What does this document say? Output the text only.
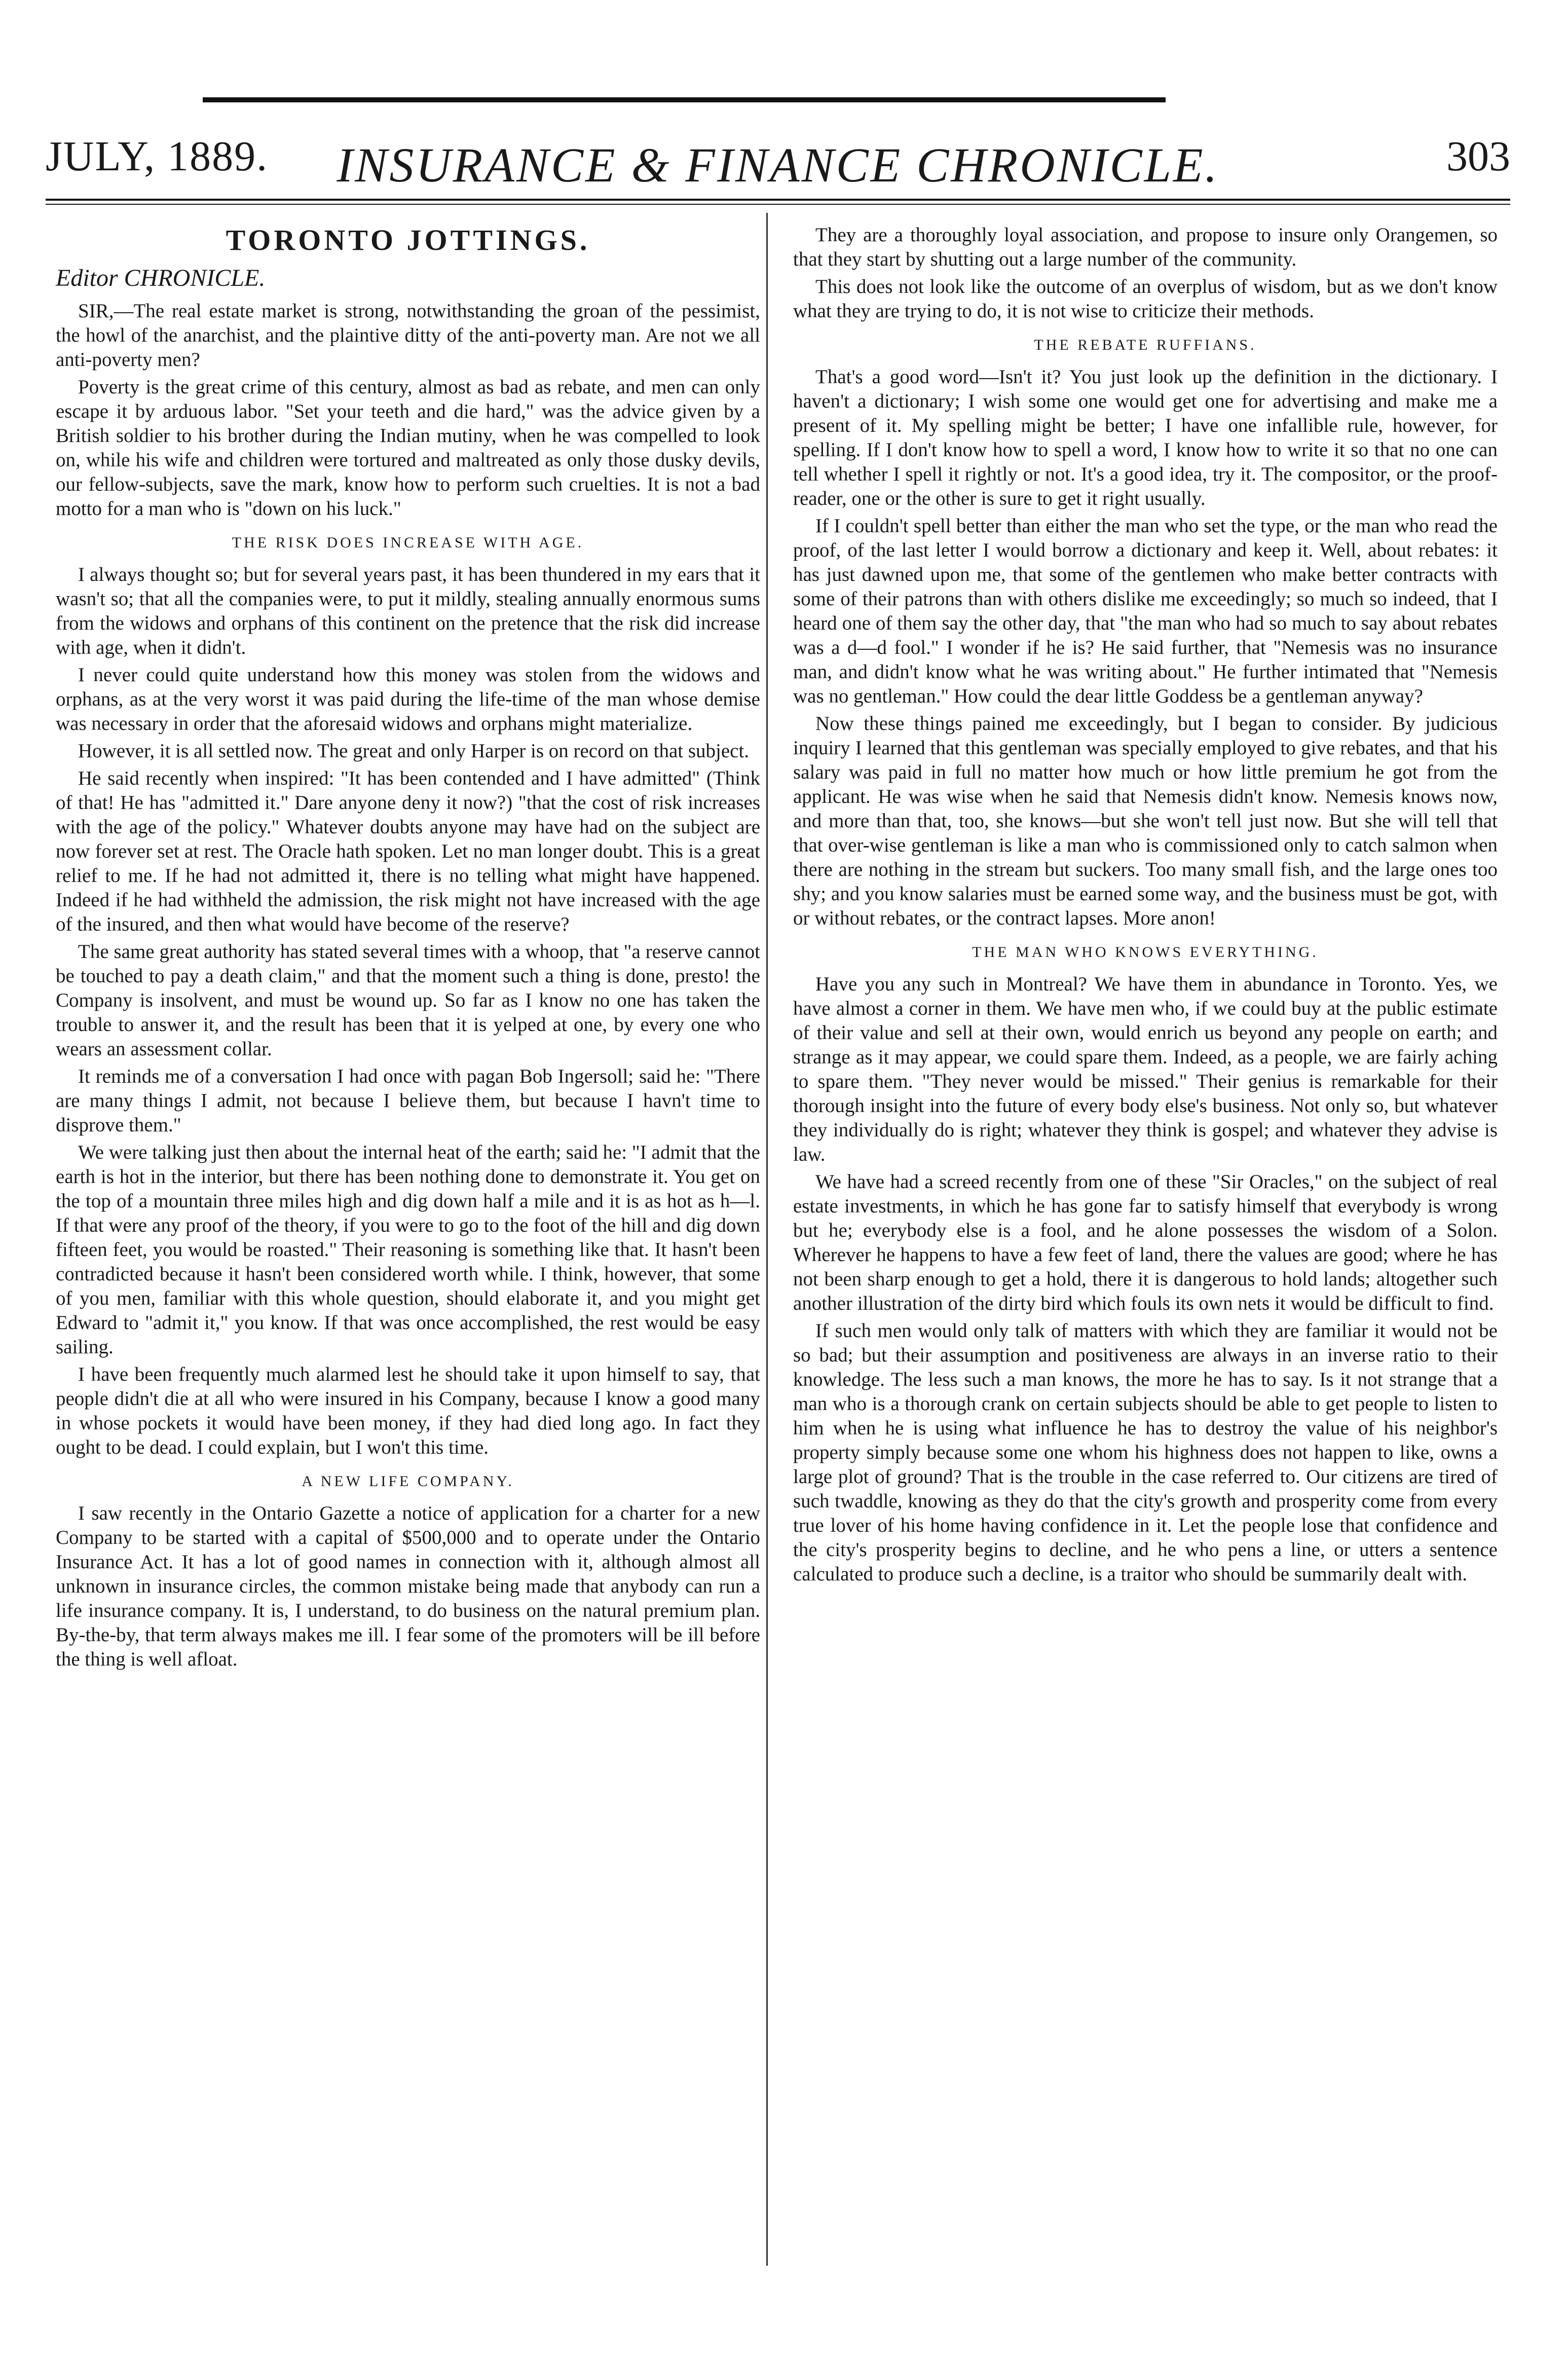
JULY, 1889.	INSURANCE & FINANCE CHRONICLE.	303
TORONTO JOTTINGS.
Editor CHRONICLE.

SIR,—The real estate market is strong, notwithstanding the groan of the pessimist, the howl of the anarchist, and the plaintive ditty of the anti-poverty man. Are not we all anti-poverty men?

Poverty is the great crime of this century, almost as bad as rebate, and men can only escape it by arduous labor. "Set your teeth and die hard," was the advice given by a British soldier to his brother during the Indian mutiny, when he was compelled to look on, while his wife and children were tortured and maltreated as only those dusky devils, our fellow-subjects, save the mark, know how to perform such cruelties. It is not a bad motto for a man who is "down on his luck."

THE RISK DOES INCREASE WITH AGE.

I always thought so; but for several years past, it has been thundered in my ears that it wasn't so; that all the companies were, to put it mildly, stealing annually enormous sums from the widows and orphans of this continent on the pretence that the risk did increase with age, when it didn't.

I never could quite understand how this money was stolen from the widows and orphans, as at the very worst it was paid during the life-time of the man whose demise was necessary in order that the aforesaid widows and orphans might materialize.

However, it is all settled now. The great and only Harper is on record on that subject.

He said recently when inspired: "It has been contended and I have admitted" (Think of that! He has "admitted it." Dare anyone deny it now?) "that the cost of risk increases with the age of the policy." Whatever doubts anyone may have had on the subject are now forever set at rest. The Oracle hath spoken. Let no man longer doubt. This is a great relief to me. If he had not admitted it, there is no telling what might have happened. Indeed if he had withheld the admission, the risk might not have increased with the age of the insured, and then what would have become of the reserve?

The same great authority has stated several times with a whoop, that "a reserve cannot be touched to pay a death claim," and that the moment such a thing is done, presto! the Company is insolvent, and must be wound up. So far as I know no one has taken the trouble to answer it, and the result has been that it is yelped at one, by every one who wears an assessment collar.

It reminds me of a conversation I had once with pagan Bob Ingersoll; said he: "There are many things I admit, not because I believe them, but because I havn't time to disprove them."

We were talking just then about the internal heat of the earth; said he: "I admit that the earth is hot in the interior, but there has been nothing done to demonstrate it. You get on the top of a mountain three miles high and dig down half a mile and it is as hot as h—l. If that were any proof of the theory, if you were to go to the foot of the hill and dig down fifteen feet, you would be roasted." Their reasoning is something like that. It hasn't been contradicted because it hasn't been considered worth while. I think, however, that some of you men, familiar with this whole question, should elaborate it, and you might get Edward to "admit it," you know. If that was once accomplished, the rest would be easy sailing.

I have been frequently much alarmed lest he should take it upon himself to say, that people didn't die at all who were insured in his Company, because I know a good many in whose pockets it would have been money, if they had died long ago. In fact they ought to be dead. I could explain, but I won't this time.

A NEW LIFE COMPANY.

I saw recently in the Ontario Gazette a notice of application for a charter for a new Company to be started with a capital of $500,000 and to operate under the Ontario Insurance Act. It has a lot of good names in connection with it, although almost all unknown in insurance circles, the common mistake being made that anybody can run a life insurance company. It is, I understand, to do business on the natural premium plan. By-the-by, that term always makes me ill. I fear some of the promoters will be ill before the thing is well afloat.

They are a thoroughly loyal association, and propose to insure only Orangemen, so that they start by shutting out a large number of the community.

This does not look like the outcome of an overplus of wisdom, but as we don't know what they are trying to do, it is not wise to criticize their methods.

THE REBATE RUFFIANS.

That's a good word—Isn't it? You just look up the definition in the dictionary. I haven't a dictionary; I wish some one would get one for advertising and make me a present of it. My spelling might be better; I have one infallible rule, however, for spelling. If I don't know how to spell a word, I know how to write it so that no one can tell whether I spell it rightly or not. It's a good idea, try it. The compositor, or the proof-reader, one or the other is sure to get it right usually.

If I couldn't spell better than either the man who set the type, or the man who read the proof, of the last letter I would borrow a dictionary and keep it. Well, about rebates: it has just dawned upon me, that some of the gentlemen who make better contracts with some of their patrons than with others dislike me exceedingly; so much so indeed, that I heard one of them say the other day, that "the man who had so much to say about rebates was a d—d fool." I wonder if he is? He said further, that "Nemesis was no insurance man, and didn't know what he was writing about." He further intimated that "Nemesis was no gentleman." How could the dear little Goddess be a gentleman anyway?

Now these things pained me exceedingly, but I began to consider. By judicious inquiry I learned that this gentleman was specially employed to give rebates, and that his salary was paid in full no matter how much or how little premium he got from the applicant. He was wise when he said that Nemesis didn't know. Nemesis knows now, and more than that, too, she knows—but she won't tell just now. But she will tell that that over-wise gentleman is like a man who is commissioned only to catch salmon when there are nothing in the stream but suckers. Too many small fish, and the large ones too shy; and you know salaries must be earned some way, and the business must be got, with or without rebates, or the contract lapses. More anon!

THE MAN WHO KNOWS EVERYTHING.

Have you any such in Montreal? We have them in abundance in Toronto. Yes, we have almost a corner in them. We have men who, if we could buy at the public estimate of their value and sell at their own, would enrich us beyond any people on earth; and strange as it may appear, we could spare them. Indeed, as a people, we are fairly aching to spare them. "They never would be missed." Their genius is remarkable for their thorough insight into the future of every body else's business. Not only so, but whatever they individually do is right; whatever they think is gospel; and whatever they advise is law.

We have had a screed recently from one of these "Sir Oracles," on the subject of real estate investments, in which he has gone far to satisfy himself that everybody is wrong but he; everybody else is a fool, and he alone possesses the wisdom of a Solon. Wherever he happens to have a few feet of land, there the values are good; where he has not been sharp enough to get a hold, there it is dangerous to hold lands; altogether such another illustration of the dirty bird which fouls its own nets it would be difficult to find.

If such men would only talk of matters with which they are familiar it would not be so bad; but their assumption and positiveness are always in an inverse ratio to their knowledge. The less such a man knows, the more he has to say. Is it not strange that a man who is a thorough crank on certain subjects should be able to get people to listen to him when he is using what influence he has to destroy the value of his neighbor's property simply because some one whom his highness does not happen to like, owns a large plot of ground? That is the trouble in the case referred to. Our citizens are tired of such twaddle, knowing as they do that the city's growth and prosperity come from every true lover of his home having confidence in it. Let the people lose that confidence and the city's prosperity begins to decline, and he who pens a line, or utters a sentence calculated to produce such a decline, is a traitor who should be summarily dealt with.
